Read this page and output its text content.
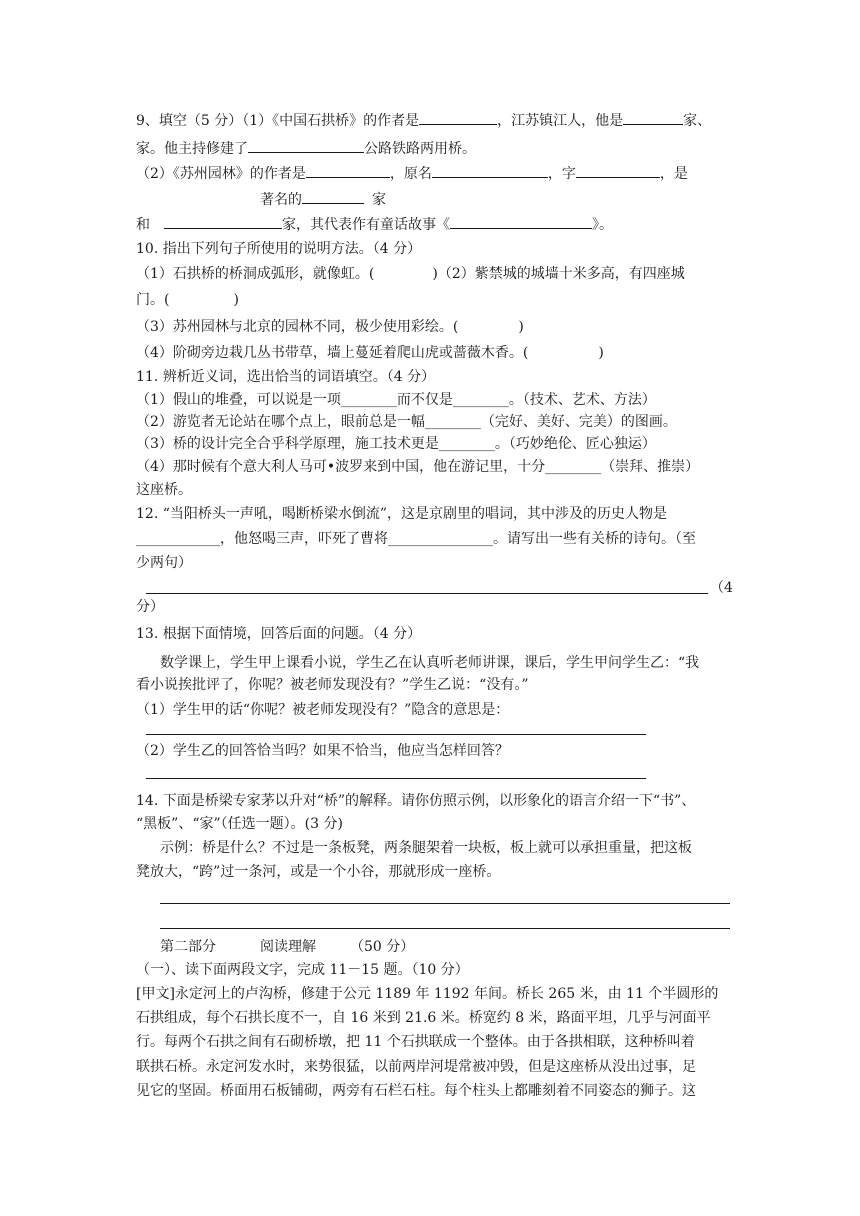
9、填空（5 分）（1）《中国石拱桥》的作者是	，江苏镇江人，他是	家、
家。他主持修建了	公路铁路两用桥。
（2）《苏州园林》的作者是	，原名	，字	，是
著名的	家
和	家，其代表作有童话故事《	》。
10. 指出下列句子所使用的说明方法。（4 分）
（1）石拱桥的桥洞成弧形，就像虹。(	)（2）紫禁城的城墙十米多高，有四座城
门。(	)
（3）苏州园林与北京的园林不同，极少使用彩绘。(	)
（4）阶砌旁边栽几丛书带草，墙上蔓延着爬山虎或蔷薇木香。(	)
11. 辨析近义词，选出恰当的词语填空。（4 分）
（1）假山的堆叠，可以说是一项________而不仅是________。（技术、艺术、方法）
（2）游览者无论站在哪个点上，眼前总是一幅________（完好、美好、完美）的图画。
（3）桥的设计完全合乎科学原理，施工技术更是________。（巧妙绝伦、匠心独运）
（4）那时候有个意大利人马可•波罗来到中国，他在游记里，十分________（崇拜、推崇）
这座桥。
12. “当阳桥头一声吼，喝断桥梁水倒流”，这是京剧里的唱词，其中涉及的历史人物是
____________，他怒喝三声，吓死了曹将_______________。请写出一些有关桥的诗句。（至
少两句）
（4
分）
13. 根据下面情境，回答后面的问题。（4 分）
数学课上，学生甲上课看小说，学生乙在认真听老师讲课，课后，学生甲问学生乙：“我
看小说挨批评了，你呢？被老师发现没有？”学生乙说：“没有。”
（1）学生甲的话“你呢？被老师发现没有？”隐含的意思是：
（2）学生乙的回答恰当吗？如果不恰当，他应当怎样回答？
14. 下面是桥梁专家茅以升对“桥”的解释。请你仿照示例，以形象化的语言介绍一下“书”、
“黑板”、“家”（任选一题）。(3 分)
示例：桥是什么？不过是一条板凳，两条腿架着一块板，板上就可以承担重量，把这板
凳放大，“跨”过一条河，或是一个小谷，那就形成一座桥。
第二部分	阅读理解 （50 分）
（一）、读下面两段文字，完成 11－15 题。（10 分）
[甲文]永定河上的卢沟桥，修建于公元 1189 年 1192 年间。桥长 265 米，由 11 个半圆形的
石拱组成，每个石拱长度不一，自 16 米到 21.6 米。桥宽约 8 米，路面平坦，几乎与河面平
行。每两个石拱之间有石砌桥墩，把 11 个石拱联成一个整体。由于各拱相联，这种桥叫着
联拱石桥。永定河发水时，来势很猛，以前两岸河堤常被冲毁，但是这座桥从没出过事，足
见它的坚固。桥面用石板铺砌，两旁有石栏石柱。每个柱头上都雕刻着不同姿态的狮子。这
